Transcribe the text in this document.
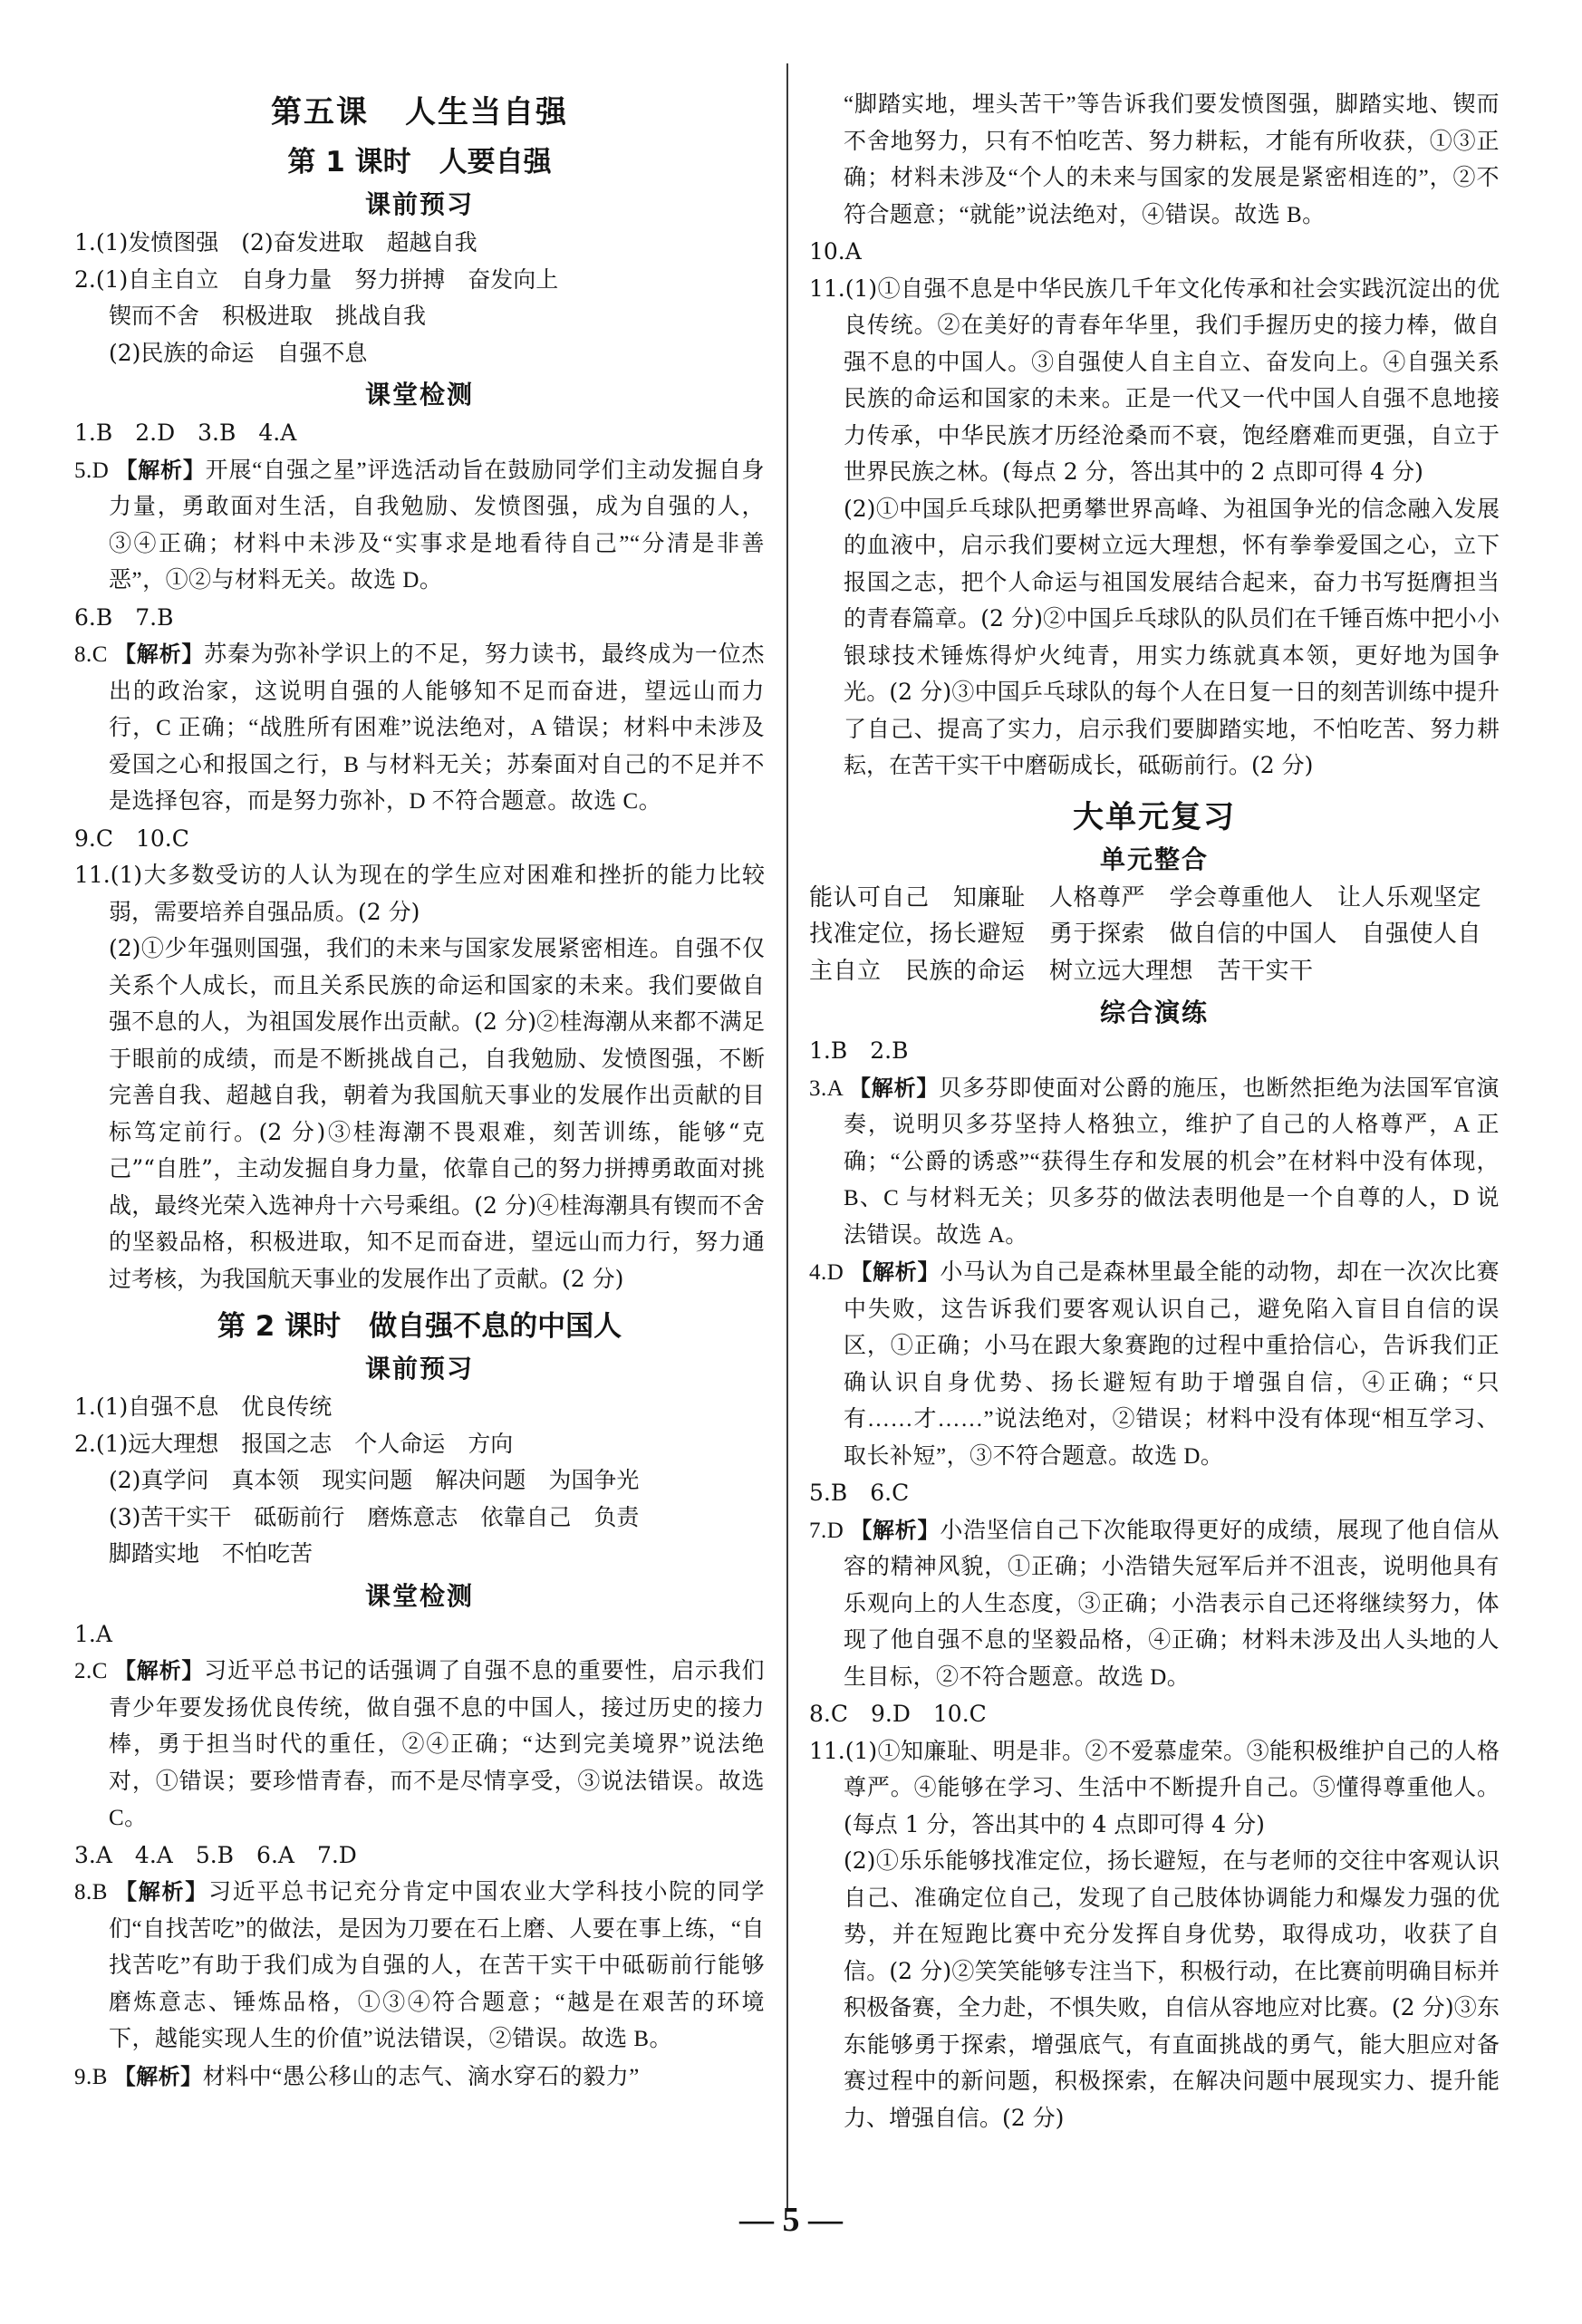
第五课 人生当自强
第 1 课时　人要自强
课前预习
1.(1)发愤图强　(2)奋发进取　超越自我
2.(1)自主自立　自身力量　努力拼搏　奋发向上
锲而不舍　积极进取　挑战自我
(2)民族的命运　自强不息
课堂检测
1.B　2.D　3.B　4.A
5.D 【解析】开展“自强之星”评选活动旨在鼓励同学们主动发掘自身力量，勇敢面对生活，自我勉励、发愤图强，成为自强的人，③④正确；材料中未涉及“实事求是地看待自己”“分清是非善恶”，①②与材料无关。故选 D。
6.B　7.B
8.C 【解析】苏秦为弥补学识上的不足，努力读书，最终成为一位杰出的政治家，这说明自强的人能够知不足而奋进，望远山而力行，C 正确；“战胜所有困难”说法绝对，A 错误；材料中未涉及爱国之心和报国之行，B 与材料无关；苏秦面对自己的不足并不是选择包容，而是努力弥补，D 不符合题意。故选 C。
9.C　10.C
11.(1)大多数受访的人认为现在的学生应对困难和挫折的能力比较弱，需要培养自强品质。(2 分)
(2)①少年强则国强，我们的未来与国家发展紧密相连。自强不仅关系个人成长，而且关系民族的命运和国家的未来。我们要做自强不息的人，为祖国发展作出贡献。(2 分)②桂海潮从来都不满足于眼前的成绩，而是不断挑战自己，自我勉励、发愤图强，不断完善自我、超越自我，朝着为我国航天事业的发展作出贡献的目标笃定前行。(2 分)③桂海潮不畏艰难，刻苦训练，能够“克己”“自胜”，主动发掘自身力量，依靠自己的努力拼搏勇敢面对挑战，最终光荣入选神舟十六号乘组。(2 分)④桂海潮具有锲而不舍的坚毅品格，积极进取，知不足而奋进，望远山而力行，努力通过考核，为我国航天事业的发展作出了贡献。(2 分)
第 2 课时　做自强不息的中国人
课前预习
1.(1)自强不息　优良传统
2.(1)远大理想　报国之志　个人命运　方向
(2)真学问　真本领　现实问题　解决问题　为国争光
(3)苦干实干　砥砺前行　磨炼意志　依靠自己　负责
脚踏实地　不怕吃苦
课堂检测
1.A
2.C 【解析】习近平总书记的话强调了自强不息的重要性，启示我们青少年要发扬优良传统，做自强不息的中国人，接过历史的接力棒，勇于担当时代的重任，②④正确；“达到完美境界”说法绝对，①错误；要珍惜青春，而不是尽情享受，③说法错误。故选 C。
3.A　4.A　5.B　6.A　7.D
8.B 【解析】习近平总书记充分肯定中国农业大学科技小院的同学们“自找苦吃”的做法，是因为刀要在石上磨、人要在事上练，“自找苦吃”有助于我们成为自强的人，在苦干实干中砥砺前行能够磨炼意志、锤炼品格，①③④符合题意；“越是在艰苦的环境下，越能实现人生的价值”说法错误，②错误。故选 B。
9.B 【解析】材料中“愚公移山的志气、滴水穿石的毅力”
“脚踏实地，埋头苦干”等告诉我们要发愤图强，脚踏实地、锲而不舍地努力，只有不怕吃苦、努力耕耘，才能有所收获，①③正确；材料未涉及“个人的未来与国家的发展是紧密相连的”，②不符合题意；“就能”说法绝对，④错误。故选 B。
10.A
11.(1)①自强不息是中华民族几千年文化传承和社会实践沉淀出的优良传统。②在美好的青春年华里，我们手握历史的接力棒，做自强不息的中国人。③自强使人自主自立、奋发向上。④自强关系民族的命运和国家的未来。正是一代又一代中国人自强不息地接力传承，中华民族才历经沧桑而不衰，饱经磨难而更强，自立于世界民族之林。(每点 2 分，答出其中的 2 点即可得 4 分)
(2)①中国乒乓球队把勇攀世界高峰、为祖国争光的信念融入发展的血液中，启示我们要树立远大理想，怀有拳拳爱国之心，立下报国之志，把个人命运与祖国发展结合起来，奋力书写挺膺担当的青春篇章。(2 分)②中国乒乓球队的队员们在千锤百炼中把小小银球技术锤炼得炉火纯青，用实力练就真本领，更好地为国争光。(2 分)③中国乒乓球队的每个人在日复一日的刻苦训练中提升了自己、提高了实力，启示我们要脚踏实地，不怕吃苦、努力耕耘，在苦干实干中磨砺成长，砥砺前行。(2 分)
大单元复习
单元整合
能认可自己　知廉耻　人格尊严　学会尊重他人　让人乐观坚定　找准定位，扬长避短　勇于探索　做自信的中国人　自强使人自主自立　民族的命运　树立远大理想　苦干实干
综合演练
1.B　2.B
3.A 【解析】贝多芬即使面对公爵的施压，也断然拒绝为法国军官演奏，说明贝多芬坚持人格独立，维护了自己的人格尊严，A 正确；“公爵的诱惑”“获得生存和发展的机会”在材料中没有体现，B、C 与材料无关；贝多芬的做法表明他是一个自尊的人，D 说法错误。故选 A。
4.D 【解析】小马认为自己是森林里最全能的动物，却在一次次比赛中失败，这告诉我们要客观认识自己，避免陷入盲目自信的误区，①正确；小马在跟大象赛跑的过程中重拾信心，告诉我们正确认识自身优势、扬长避短有助于增强自信，④正确；“只有……才……”说法绝对，②错误；材料中没有体现“相互学习、取长补短”，③不符合题意。故选 D。
5.B　6.C
7.D 【解析】小浩坚信自己下次能取得更好的成绩，展现了他自信从容的精神风貌，①正确；小浩错失冠军后并不沮丧，说明他具有乐观向上的人生态度，③正确；小浩表示自己还将继续努力，体现了他自强不息的坚毅品格，④正确；材料未涉及出人头地的人生目标，②不符合题意。故选 D。
8.C　9.D　10.C
11.(1)①知廉耻、明是非。②不爱慕虚荣。③能积极维护自己的人格尊严。④能够在学习、生活中不断提升自己。⑤懂得尊重他人。(每点 1 分，答出其中的 4 点即可得 4 分)
(2)①乐乐能够找准定位，扬长避短，在与老师的交往中客观认识自己、准确定位自己，发现了自己肢体协调能力和爆发力强的优势，并在短跑比赛中充分发挥自身优势，取得成功，收获了自信。(2 分)②笑笑能够专注当下，积极行动，在比赛前明确目标并积极备赛，全力赴，不惧失败，自信从容地应对比赛。(2 分)③东东能够勇于探索，增强底气，有直面挑战的勇气，能大胆应对备赛过程中的新问题，积极探索，在解决问题中展现实力、提升能力、增强自信。(2 分)
— 5 —
